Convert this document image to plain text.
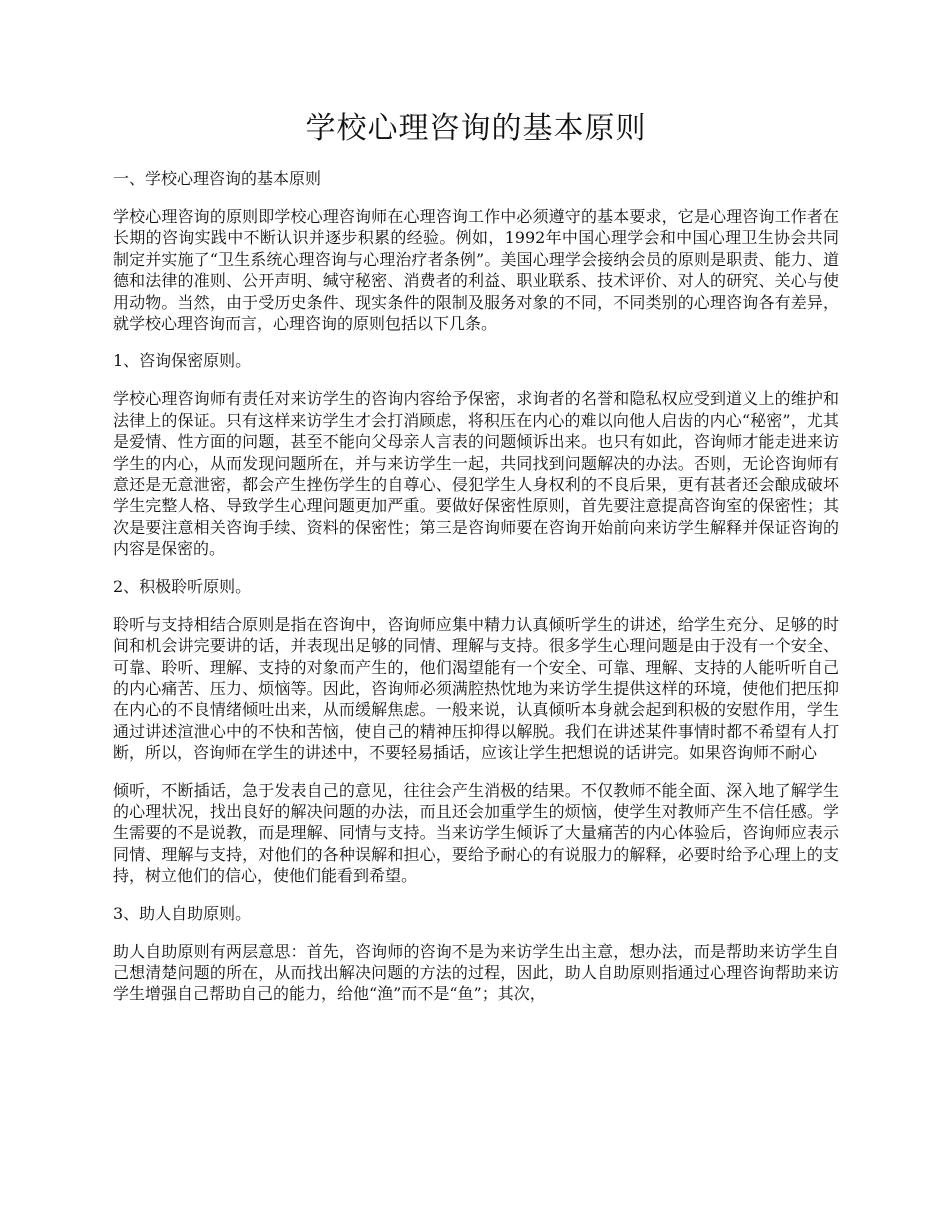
学校心理咨询的基本原则
一、学校心理咨询的基本原则

学校心理咨询的原则即学校心理咨询师在心理咨询工作中必须遵守的基本要求，它是心理咨询工作者在长期的咨询实践中不断认识并逐步积累的经验。例如，1992年中国心理学会和中国心理卫生协会共同制定并实施了“卫生系统心理咨询与心理治疗者条例”。美国心理学会接纳会员的原则是职责、能力、道德和法律的准则、公开声明、缄守秘密、消费者的利益、职业联系、技术评价、对人的研究、关心与使用动物。当然，由于受历史条件、现实条件的限制及服务对象的不同，不同类别的心理咨询各有差异，就学校心理咨询而言，心理咨询的原则包括以下几条。

1、咨询保密原则。

学校心理咨询师有责任对来访学生的咨询内容给予保密，求询者的名誉和隐私权应受到道义上的维护和法律上的保证。只有这样来访学生才会打消顾虑，将积压在内心的难以向他人启齿的内心“秘密”，尤其是爱情、性方面的问题，甚至不能向父母亲人言表的问题倾诉出来。也只有如此，咨询师才能走进来访学生的内心，从而发现问题所在，并与来访学生一起，共同找到问题解决的办法。否则，无论咨询师有意还是无意泄密，都会产生挫伤学生的自尊心、侵犯学生人身权利的不良后果，更有甚者还会酿成破坏学生完整人格、导致学生心理问题更加严重。要做好保密性原则，首先要注意提高咨询室的保密性；其次是要注意相关咨询手续、资料的保密性；第三是咨询师要在咨询开始前向来访学生解释并保证咨询的内容是保密的。

2、积极聆听原则。

聆听与支持相结合原则是指在咨询中，咨询师应集中精力认真倾听学生的讲述，给学生充分、足够的时间和机会讲完要讲的话，并表现出足够的同情、理解与支持。很多学生心理问题是由于没有一个安全、可靠、聆听、理解、支持的对象而产生的，他们渴望能有一个安全、可靠、理解、支持的人能听听自己的内心痛苦、压力、烦恼等。因此，咨询师必须满腔热忱地为来访学生提供这样的环境，使他们把压抑在内心的不良情绪倾吐出来，从而缓解焦虑。一般来说，认真倾听本身就会起到积极的安慰作用，学生通过讲述渲泄心中的不快和苦恼，使自己的精神压抑得以解脱。我们在讲述某件事情时都不希望有人打断，所以，咨询师在学生的讲述中，不要轻易插话，应该让学生把想说的话讲完。如果咨询师不耐心

倾听，不断插话，急于发表自己的意见，往往会产生消极的结果。不仅教师不能全面、深入地了解学生的心理状况，找出良好的解决问题的办法，而且还会加重学生的烦恼，使学生对教师产生不信任感。学生需要的不是说教，而是理解、同情与支持。当来访学生倾诉了大量痛苦的内心体验后，咨询师应表示同情、理解与支持，对他们的各种误解和担心，要给予耐心的有说服力的解释，必要时给予心理上的支持，树立他们的信心，使他们能看到希望。

3、助人自助原则。

助人自助原则有两层意思：首先，咨询师的咨询不是为来访学生出主意，想办法，而是帮助来访学生自己想清楚问题的所在，从而找出解决问题的方法的过程，因此，助人自助原则指通过心理咨询帮助来访学生增强自己帮助自己的能力，给他“渔”而不是“鱼”；其次，
